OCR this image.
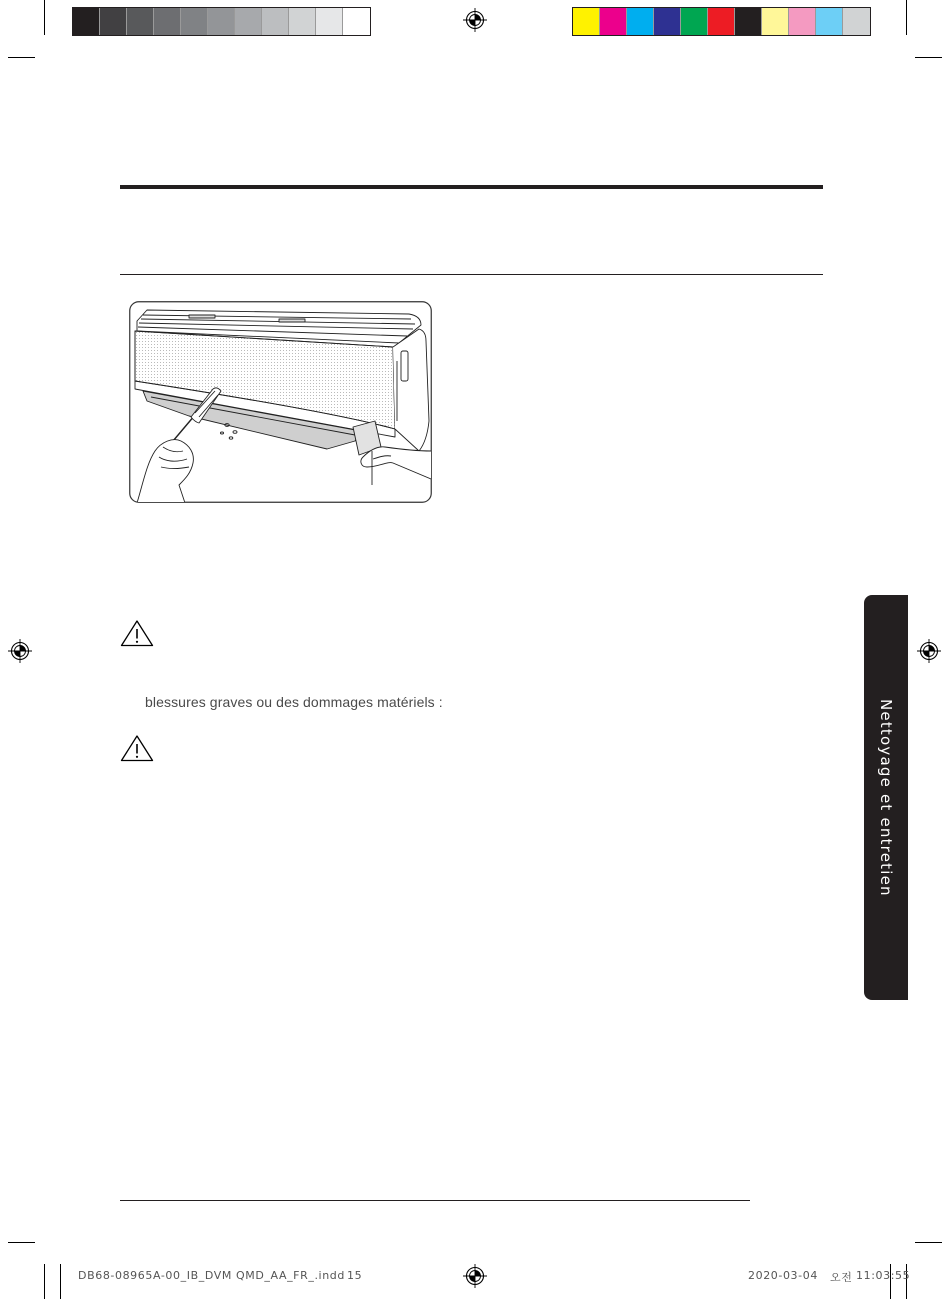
blessures graves ou des dommages matériels :	Nettoyage et entretien
DB68-08965A-00_IB_DVM QMD_AA_FR_.indd 15	2020-03-04 오전 11:03:55
